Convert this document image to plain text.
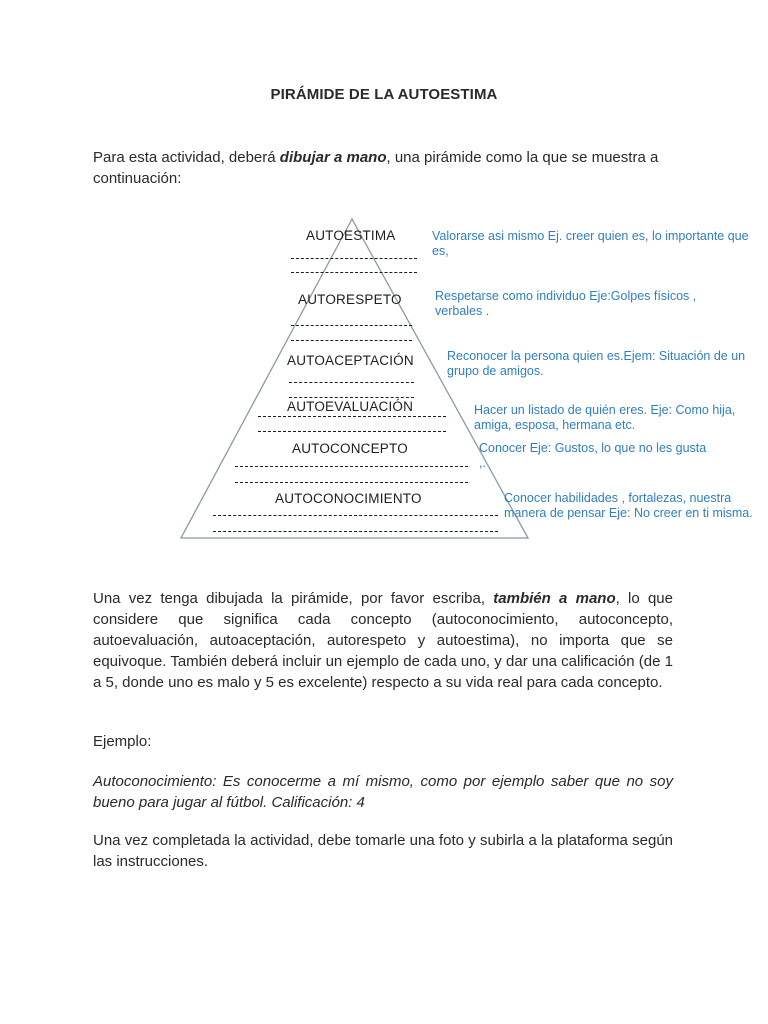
PIRÁMIDE DE LA AUTOESTIMA

Para esta actividad, deberá dibujar a mano, una pirámide como la que se muestra a continuación:

AUTOESTIMA	Valorarse asi mismo Ej. creer quien es, lo importante que es,
AUTORESPETO	Respetarse como individuo Eje:Golpes físicos , verbales .
AUTOACEPTACIÓN	Reconocer la persona quien es.Ejem: Situación de un grupo de amigos.
AUTOEVALUACIÓN	Hacer un listado de quién eres. Eje: Como hija, amiga, esposa, hermana etc.
AUTOCONCEPTO	Conocer Eje: Gustos, lo que no les gusta ,.
AUTOCONOCIMIENTO	Conocer habilidades , fortalezas, nuestra manera de pensar Eje: No creer en ti misma.

Una vez tenga dibujada la pirámide, por favor escriba, también a mano, lo que considere que significa cada concepto (autoconocimiento, autoconcepto, autoevaluación, autoaceptación, autorespeto y autoestima), no importa que se equivoque. También deberá incluir un ejemplo de cada uno, y dar una calificación (de 1 a 5, donde uno es malo y 5 es excelente) respecto a su vida real para cada concepto.

Ejemplo:

Autoconocimiento: Es conocerme a mí mismo, como por ejemplo saber que no soy bueno para jugar al fútbol. Calificación: 4

Una vez completada la actividad, debe tomarle una foto y subirla a la plataforma según las instrucciones.
